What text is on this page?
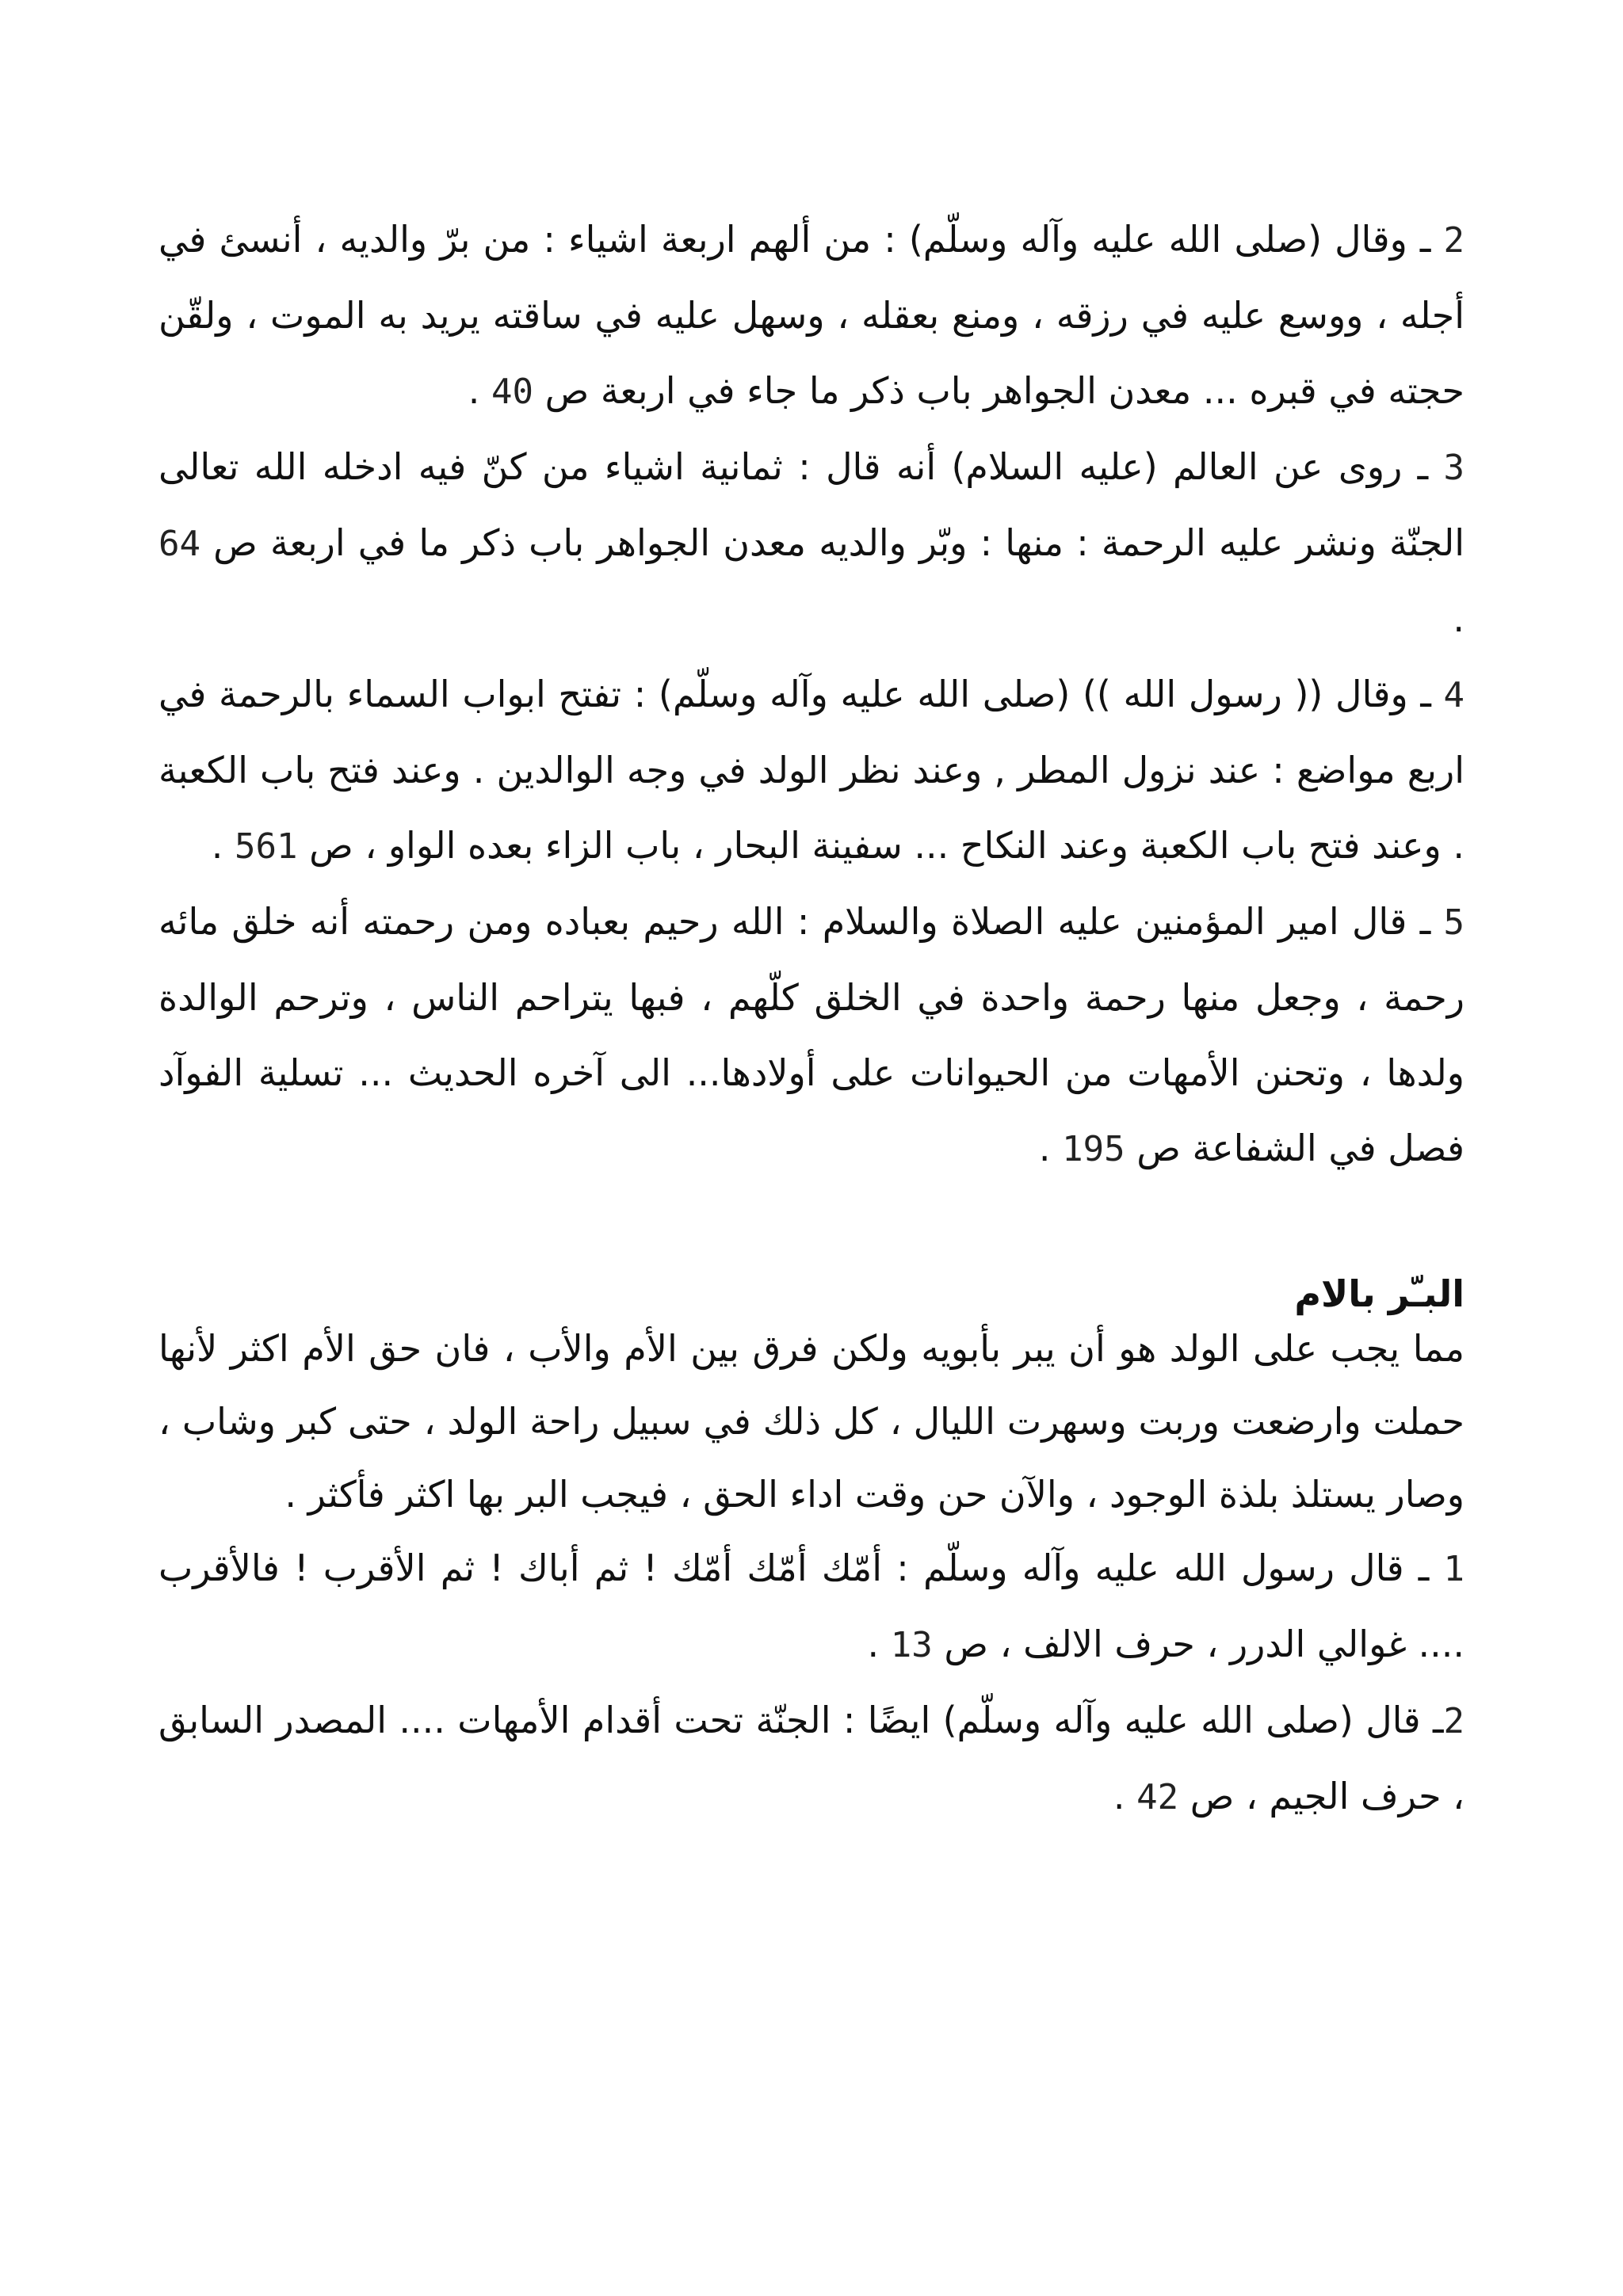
2 ـ وقال (صلى الله عليه وآله وسلّم) : من ألهم اربعة اشياء : من برّ والديه ، أنسئ في أجله ، ووسع عليه في رزقه ، ومنع بعقله ، وسهل عليه في ساقته يريد به الموت ، ولقّن حجته في قبره ... معدن الجواهر باب ذكر ما جاء في اربعة ص 40 .

3 ـ روى عن العالم (عليه السلام) أنه قال : ثمانية اشياء من كنّ فيه ادخله الله تعالى الجنّة ونشر عليه الرحمة : منها : وبّر والديه معدن الجواهر باب ذكر ما في اربعة ص 64 .

4 ـ وقال (( رسول الله )) (صلى الله عليه وآله وسلّم) : تفتح ابواب السماء بالرحمة في اربع مواضع : عند نزول المطر , وعند نظر الولد في وجه الوالدين . وعند فتح باب الكعبة . وعند فتح باب الكعبة وعند النكاح ... سفينة البحار ، باب الزاء بعده الواو ، ص 561 .

5 ـ قال امير المؤمنين عليه الصلاة والسلام : الله رحيم بعباده ومن رحمته أنه خلق مائه رحمة ، وجعل منها رحمة واحدة في الخلق كلّهم ، فبها يتراحم الناس ، وترحم الوالدة ولدها ، وتحنن الأمهات من الحيوانات على أولادها... الى آخره الحديث ... تسلية الفوآد فصل في الشفاعة ص 195 .

البـّر بالام

مما يجب على الولد هو أن يبر بأبويه ولكن فرق بين الأم والأب ، فان حق الأم اكثر لأنها حملت وارضعت وربت وسهرت الليال ، كل ذلك في سبيل راحة الولد ، حتى كبر وشاب ، وصار يستلذ بلذة الوجود ، والآن حن وقت اداء الحق ، فيجب البر بها اكثر فأكثر .

1 ـ قال رسول الله عليه وآله وسلّم : أمّك أمّك أمّك ! ثم أباك ! ثم الأقرب ! فالأقرب .... غوالي الدرر ، حرف الالف ، ص 13 .

2ـ قال (صلى الله عليه وآله وسلّم) ايضًا : الجنّة تحت أقدام الأمهات .... المصدر السابق ، حرف الجيم ، ص 42 .
